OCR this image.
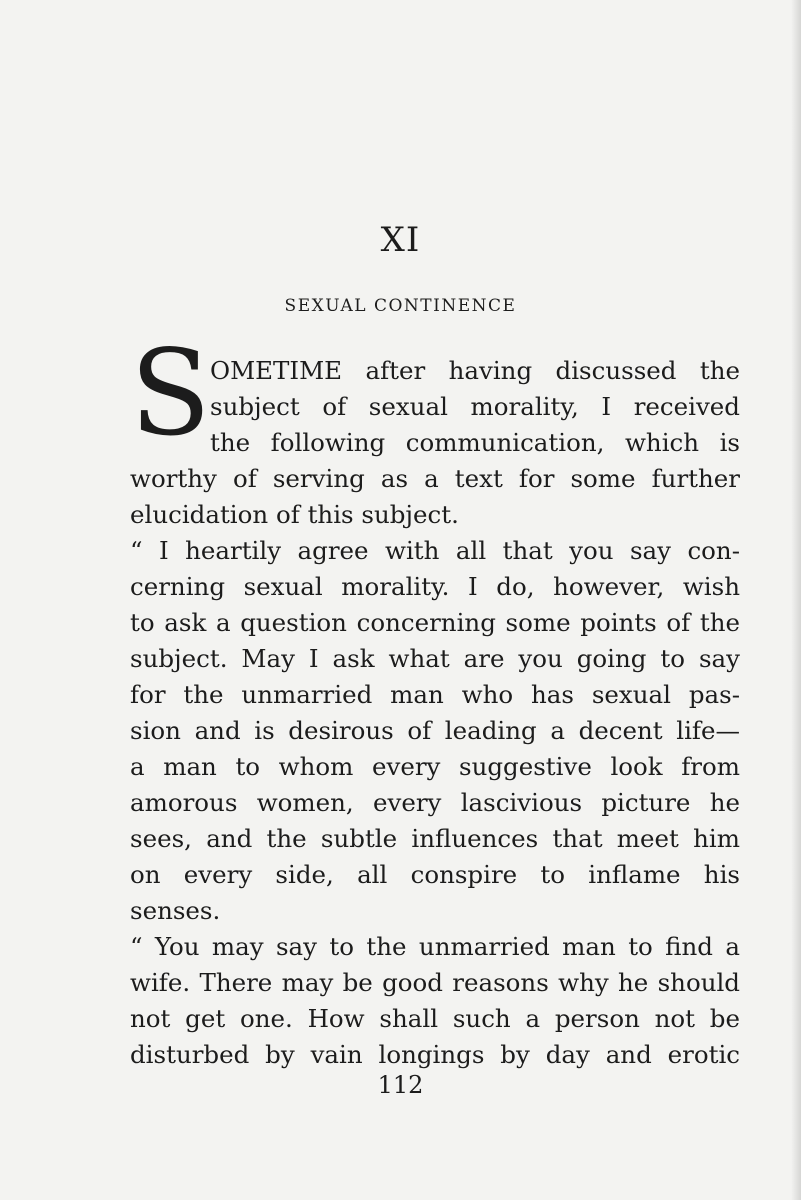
XI
SEXUAL CONTINENCE
S OMETIME after having discussed the
subject of sexual morality, I received
the following communication, which is
worthy of serving as a text for some further
elucidation of this subject.
“ I heartily agree with all that you say con-
cerning sexual morality. I do, however, wish
to ask a question concerning some points of the
subject. May I ask what are you going to say
for the unmarried man who has sexual pas-
sion and is desirous of leading a decent life—
a man to whom every suggestive look from
amorous women, every lascivious picture he
sees, and the subtle influences that meet him
on every side, all conspire to inflame his
senses.
“ You may say to the unmarried man to find a
wife. There may be good reasons why he should
not get one. How shall such a person not be
disturbed by vain longings by day and erotic
112
